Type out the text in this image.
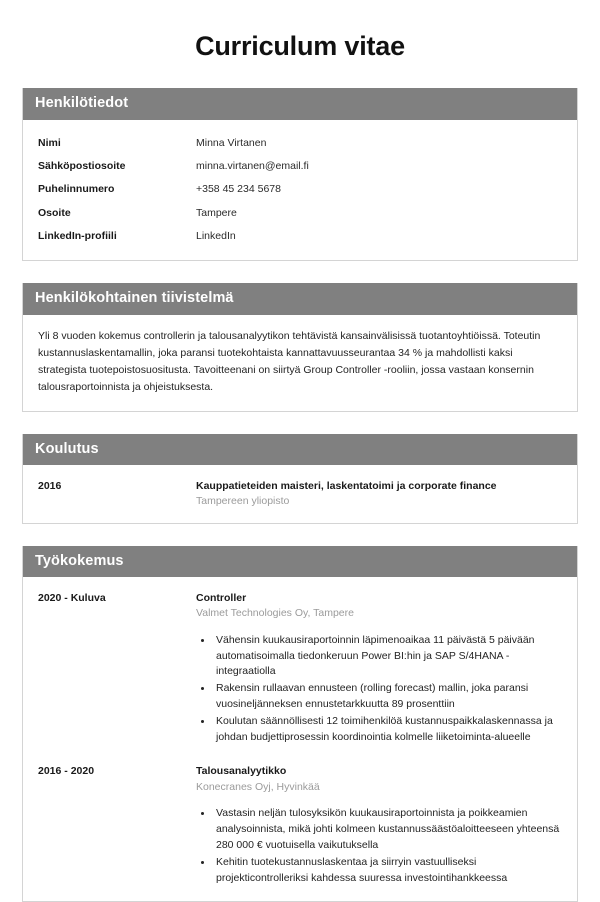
Curriculum vitae
Henkilötiedot
Nimi	Minna Virtanen
Sähköpostiosoite	minna.virtanen@email.fi
Puhelinnumero	+358 45 234 5678
Osoite	Tampere
LinkedIn-profiili	LinkedIn
Henkilökohtainen tiivistelmä

Yli 8 vuoden kokemus controllerin ja talousanalyytikon tehtävistä kansainvälisissä tuotantoyhtiöissä. Toteutin kustannuslaskentamallin, joka paransi tuotekohtaista kannattavuusseurantaa 34 % ja mahdollisti kaksi strategista tuotepoistosuositusta. Tavoitteenani on siirtyä Group Controller -rooliin, jossa vastaan konsernin talousraportoinnista ja ohjeistuksesta.

Koulutus
2016	Kauppatieteiden maisteri, laskentatoimi ja corporate finance
Tampereen yliopisto
Työkokemus
2020 - Kuluva	Controller
Valmet Technologies Oy, Tampere
• Vähensin kuukausiraportoinnin läpimenoaikaa 11 päivästä 5 päivään automatisoimalla tiedonkeruun Power BI:hin ja SAP S/4HANA -integraatiolla
• Rakensin rullaavan ennusteen (rolling forecast) mallin, joka paransi vuosineljänneksen ennustetarkkuutta 89 prosenttiin
• Koulutan säännöllisesti 12 toimihenkilöä kustannuspaikkalaskennassa ja johdan budjettiprosessin koordinointia kolmelle liiketoiminta-alueelle
2016 - 2020	Talousanalyytikko
Konecranes Oyj, Hyvinkää
• Vastasin neljän tulosyksikön kuukausiraportoinnista ja poikkeamien analysoinnista, mikä johti kolmeen kustannussäästöaloitteeseen yhteensä 280 000 € vuotuisella vaikutuksella
• Kehitin tuotekustannuslaskentaa ja siirryin vastuulliseksi projekticontrolleriksi kahdessa suuressa investointihankkeessa
